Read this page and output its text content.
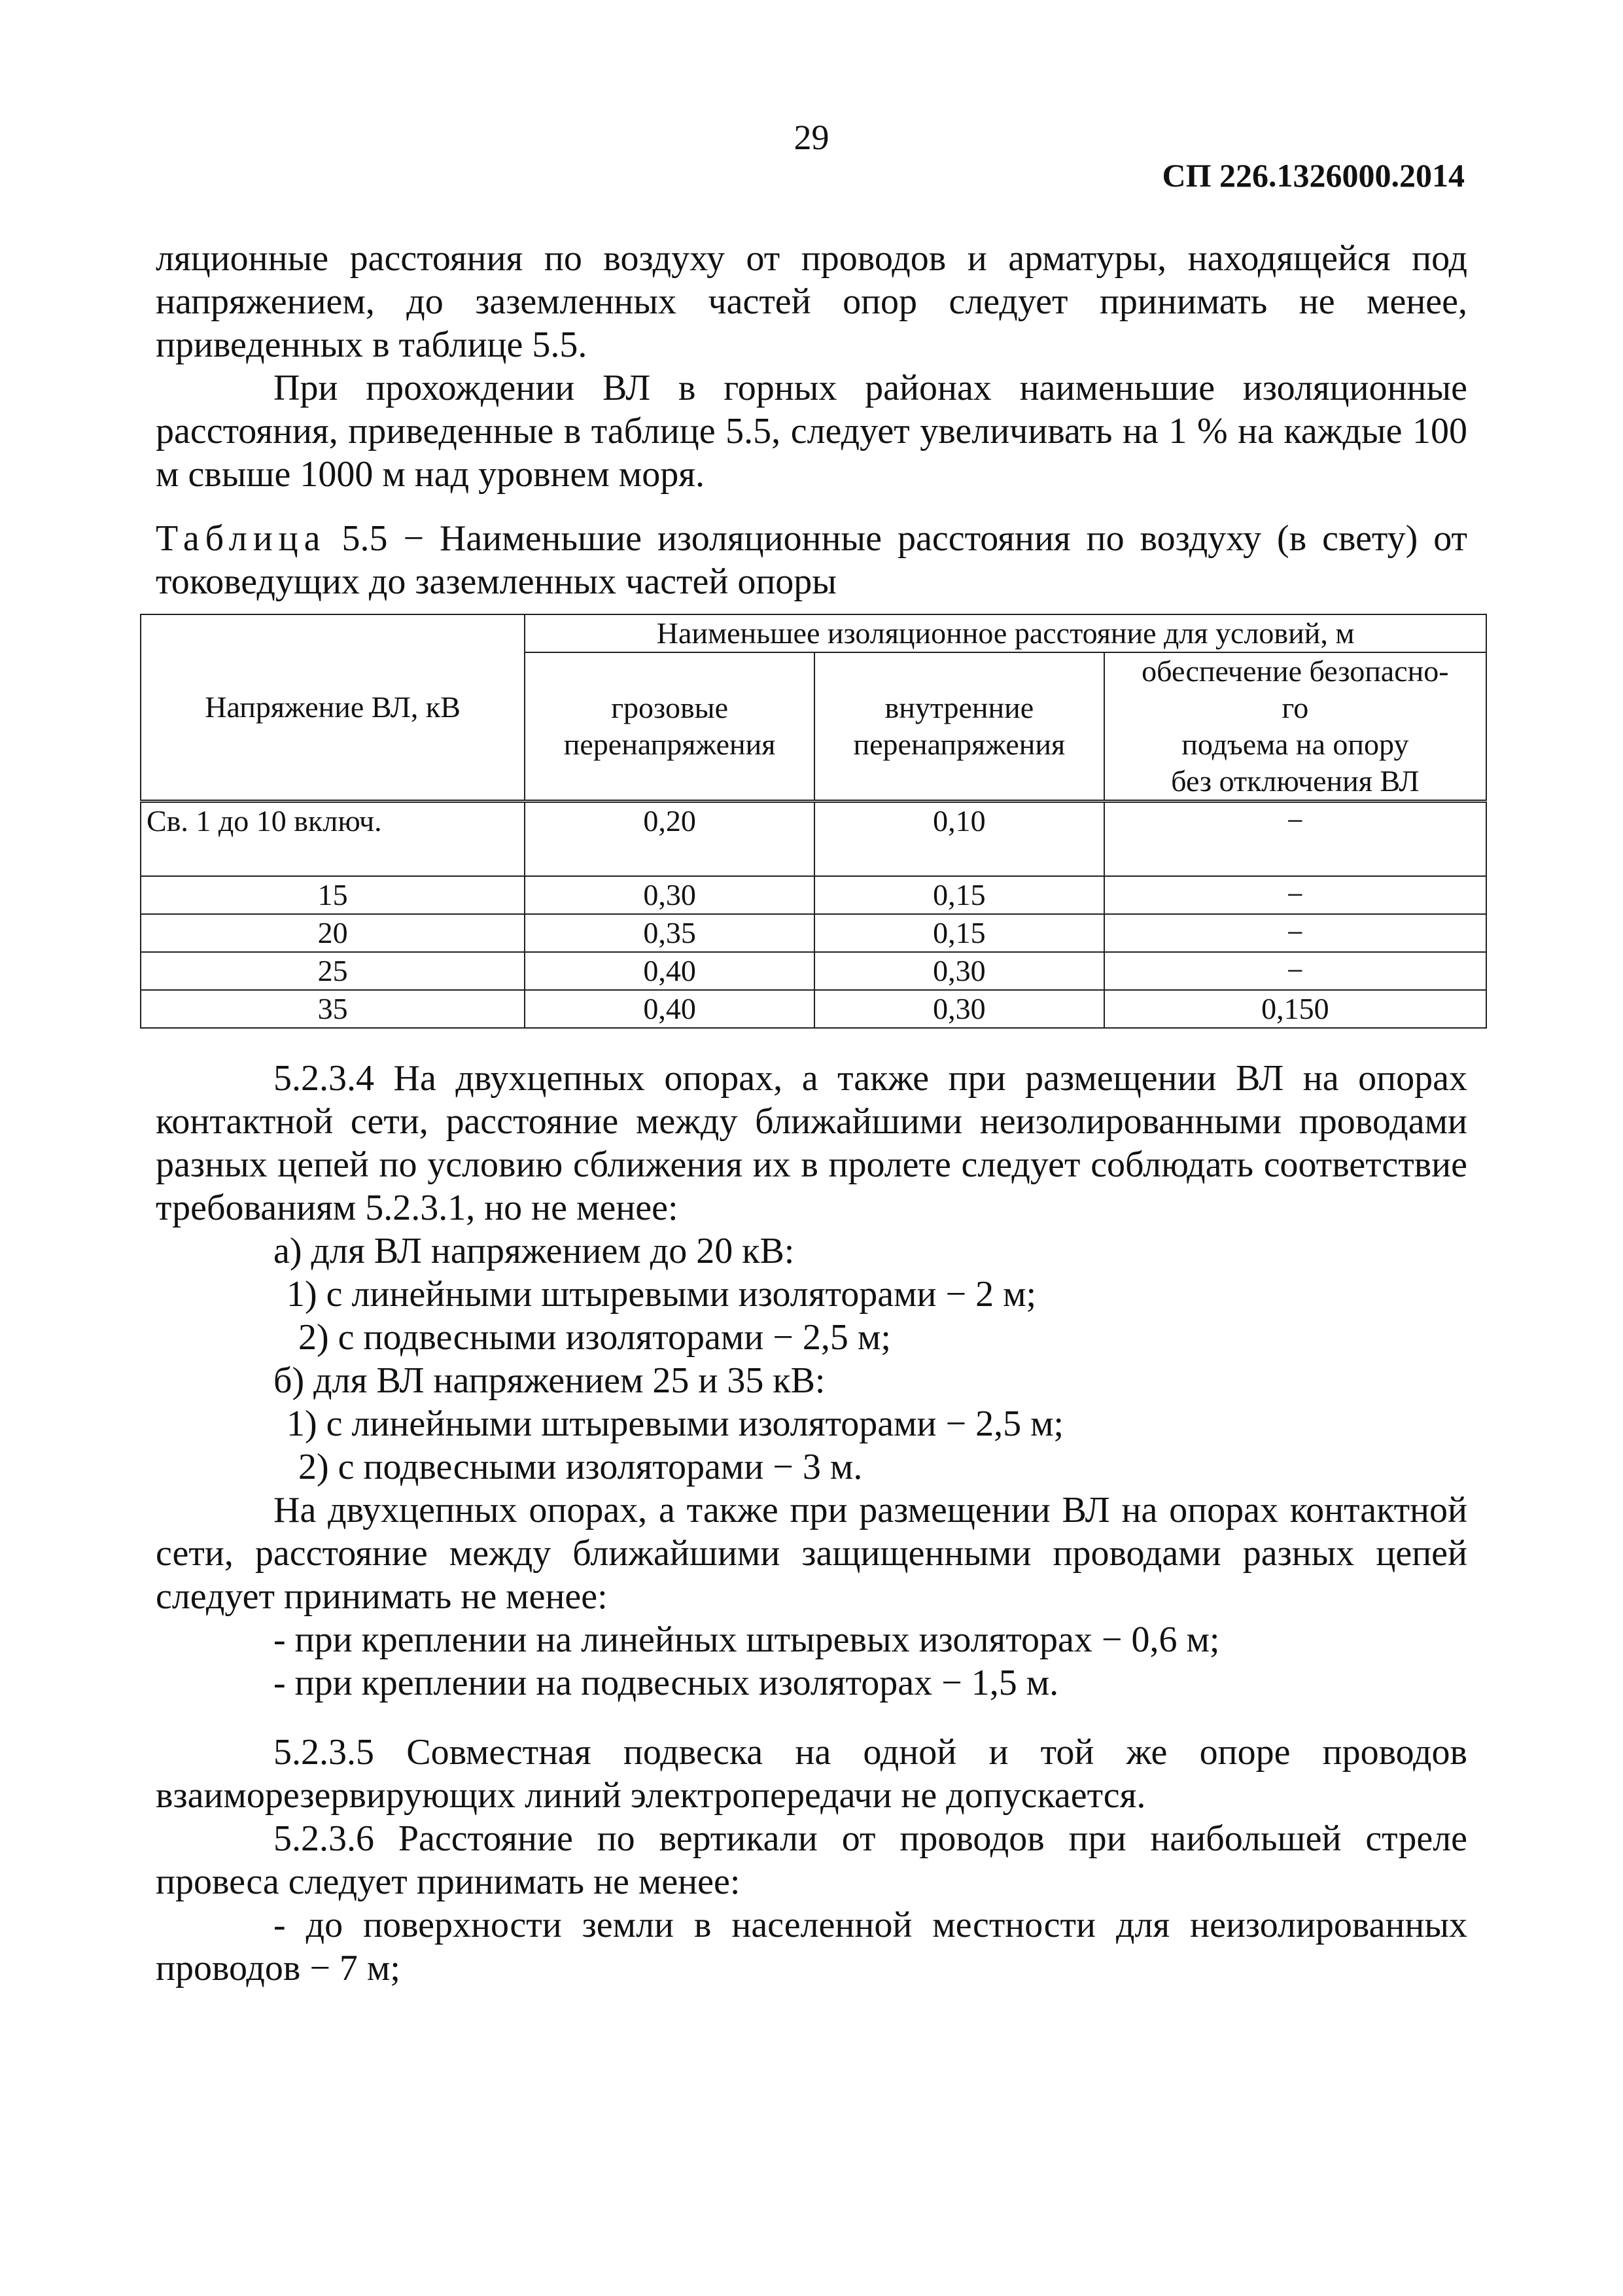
29
СП 226.1326000.2014

ляционные расстояния по воздуху от проводов и арматуры, находящейся под напряжением, до заземленных частей опор следует принимать не менее, приведенных в таблице 5.5.

При прохождении ВЛ в горных районах наименьшие изоляционные расстояния, приведенные в таблице 5.5, следует увеличивать на 1 % на каждые 100 м свыше 1000 м над уровнем моря.

Таблица 5.5 − Наименьшие изоляционные расстояния по воздуху (в свету) от токоведущих до заземленных частей опоры
Напряжение ВЛ, кВ	Наименьшее изоляционное расстояние для условий, м		
	грозовые перенапряжения	внутренние перенапряжения	обеспечение безопасно-
го
подъема на опору
без отключения ВЛ

Св. 1 до 10 включ.	0,20	0,10	−
15	0,30	0,15	−
20	0,35	0,15	−
25	0,40	0,30	−
35	0,40	0,30	0,150

5.2.3.4 На двухцепных опорах, а также при размещении ВЛ на опорах контактной сети, расстояние между ближайшими неизолированными проводами разных цепей по условию сближения их в пролете следует соблюдать соответствие требованиям 5.2.3.1, но не менее:

а) для ВЛ напряжением до 20 кВ:
1) с линейными штыревыми изоляторами − 2 м;
2) с подвесными изоляторами − 2,5 м;
б) для ВЛ напряжением 25 и 35 кВ:
1) с линейными штыревыми изоляторами − 2,5 м;
2) с подвесными изоляторами − 3 м.

На двухцепных опорах, а также при размещении ВЛ на опорах контактной сети, расстояние между ближайшими защищенными проводами разных цепей следует принимать не менее:

- при креплении на линейных штыревых изоляторах − 0,6 м;
- при креплении на подвесных изоляторах − 1,5 м.

5.2.3.5 Совместная подвеска на одной и той же опоре проводов взаиморезервирующих линий электропередачи не допускается.

5.2.3.6 Расстояние по вертикали от проводов при наибольшей стреле провеса следует принимать не менее:

- до поверхности земли в населенной местности для неизолированных проводов − 7 м;
